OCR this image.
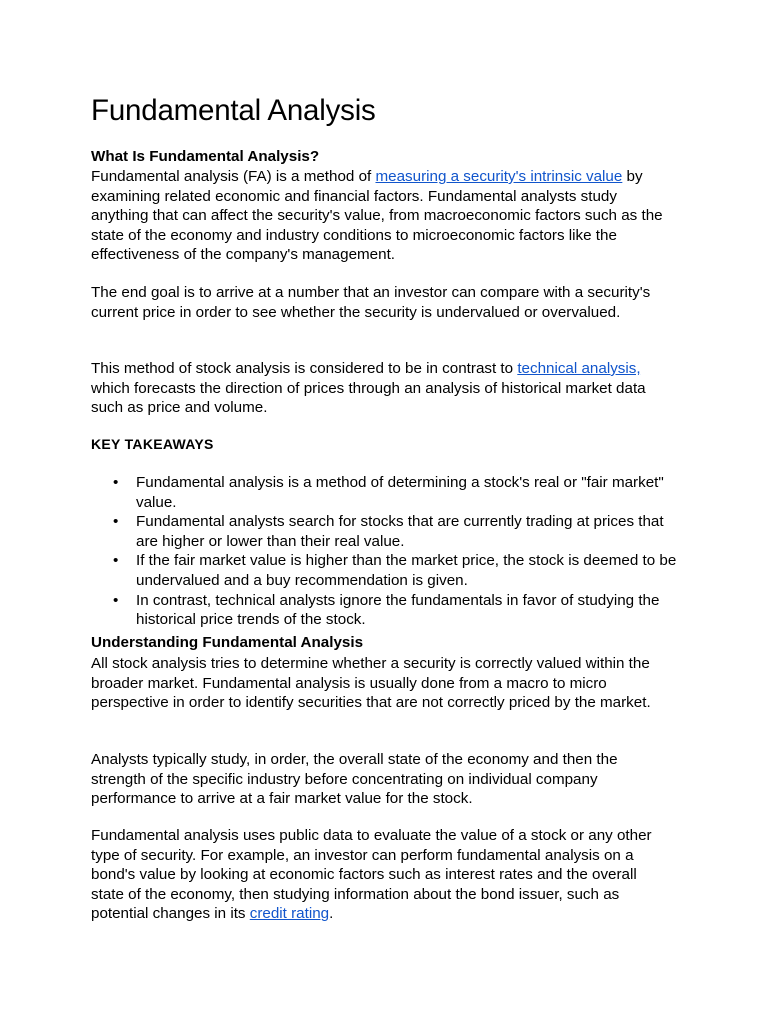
Fundamental Analysis

What Is Fundamental Analysis?

Fundamental analysis (FA) is a method of measuring a security's intrinsic value by examining related economic and financial factors. Fundamental analysts study anything that can affect the security's value, from macroeconomic factors such as the state of the economy and industry conditions to microeconomic factors like the effectiveness of the company's management.

The end goal is to arrive at a number that an investor can compare with a security's current price in order to see whether the security is undervalued or overvalued.

This method of stock analysis is considered to be in contrast to technical analysis, which forecasts the direction of prices through an analysis of historical market data such as price and volume.

KEY TAKEAWAYS

• Fundamental analysis is a method of determining a stock's real or "fair market" value.
• Fundamental analysts search for stocks that are currently trading at prices that are higher or lower than their real value.
• If the fair market value is higher than the market price, the stock is deemed to be undervalued and a buy recommendation is given.
• In contrast, technical analysts ignore the fundamentals in favor of studying the historical price trends of the stock.

Understanding Fundamental Analysis

All stock analysis tries to determine whether a security is correctly valued within the broader market. Fundamental analysis is usually done from a macro to micro perspective in order to identify securities that are not correctly priced by the market.

Analysts typically study, in order, the overall state of the economy and then the strength of the specific industry before concentrating on individual company performance to arrive at a fair market value for the stock.

Fundamental analysis uses public data to evaluate the value of a stock or any other type of security. For example, an investor can perform fundamental analysis on a bond's value by looking at economic factors such as interest rates and the overall state of the economy, then studying information about the bond issuer, such as potential changes in its credit rating.
